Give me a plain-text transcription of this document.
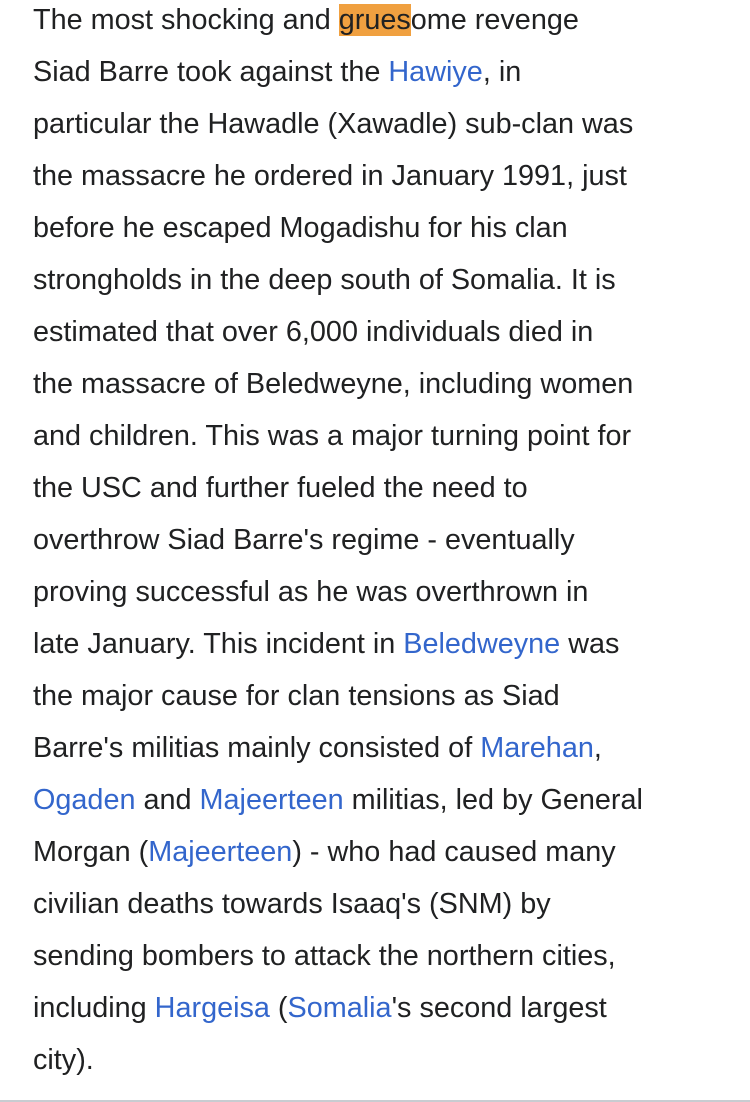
The most shocking and gruesome revenge
Siad Barre took against the Hawiye, in
particular the Hawadle (Xawadle) sub-clan was
the massacre he ordered in January 1991, just
before he escaped Mogadishu for his clan
strongholds in the deep south of Somalia. It is
estimated that over 6,000 individuals died in
the massacre of Beledweyne, including women
and children. This was a major turning point for
the USC and further fueled the need to
overthrow Siad Barre's regime - eventually
proving successful as he was overthrown in
late January. This incident in Beledweyne was
the major cause for clan tensions as Siad
Barre's militias mainly consisted of Marehan,
Ogaden and Majeerteen militias, led by General
Morgan (Majeerteen) - who had caused many
civilian deaths towards Isaaq's (SNM) by
sending bombers to attack the northern cities,
including Hargeisa (Somalia's second largest
city).
